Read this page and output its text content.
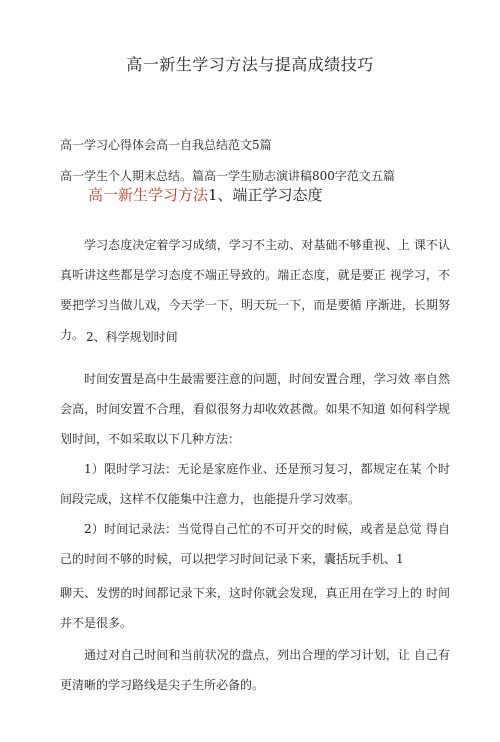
高一新生学习方法与提高成绩技巧
高一学习心得体会高一自我总结范文5篇
高一学生个人期末总结。篇高一学生励志演讲稿800字范文五篇
高一新生学习方法1、端正学习态度
学习态度决定着学习成绩，学习不主动、对基础不够重视、上 课不认真听讲这些都是学习态度不端正导致的。端正态度，就是要正 视学习，不要把学习当做儿戏，今天学一下，明天玩一下，而是要循 序渐进，长期努力。 2、科学规划时间
时间安置是高中生最需要注意的问题，时间安置合理，学习效 率自然会高，时间安置不合理，看似很努力却收效甚微。如果不知道 如何科学规划时间，不如采取以下几种方法：
1）限时学习法：无论是家庭作业、还是预习复习，都规定在某 个时间段完成，这样不仅能集中注意力，也能提升学习效率。
2）时间记录法：当觉得自己忙的不可开交的时候，或者是总觉 得自己的时间不够的时候，可以把学习时间记录下来，囊括玩手机、1
聊天、发愣的时间都记录下来，这时你就会发现，真正用在学习上的 时间并不是很多。
通过对自己时间和当前状况的盘点，列出合理的学习计划，让 自己有更清晰的学习路线是尖子生所必备的。
